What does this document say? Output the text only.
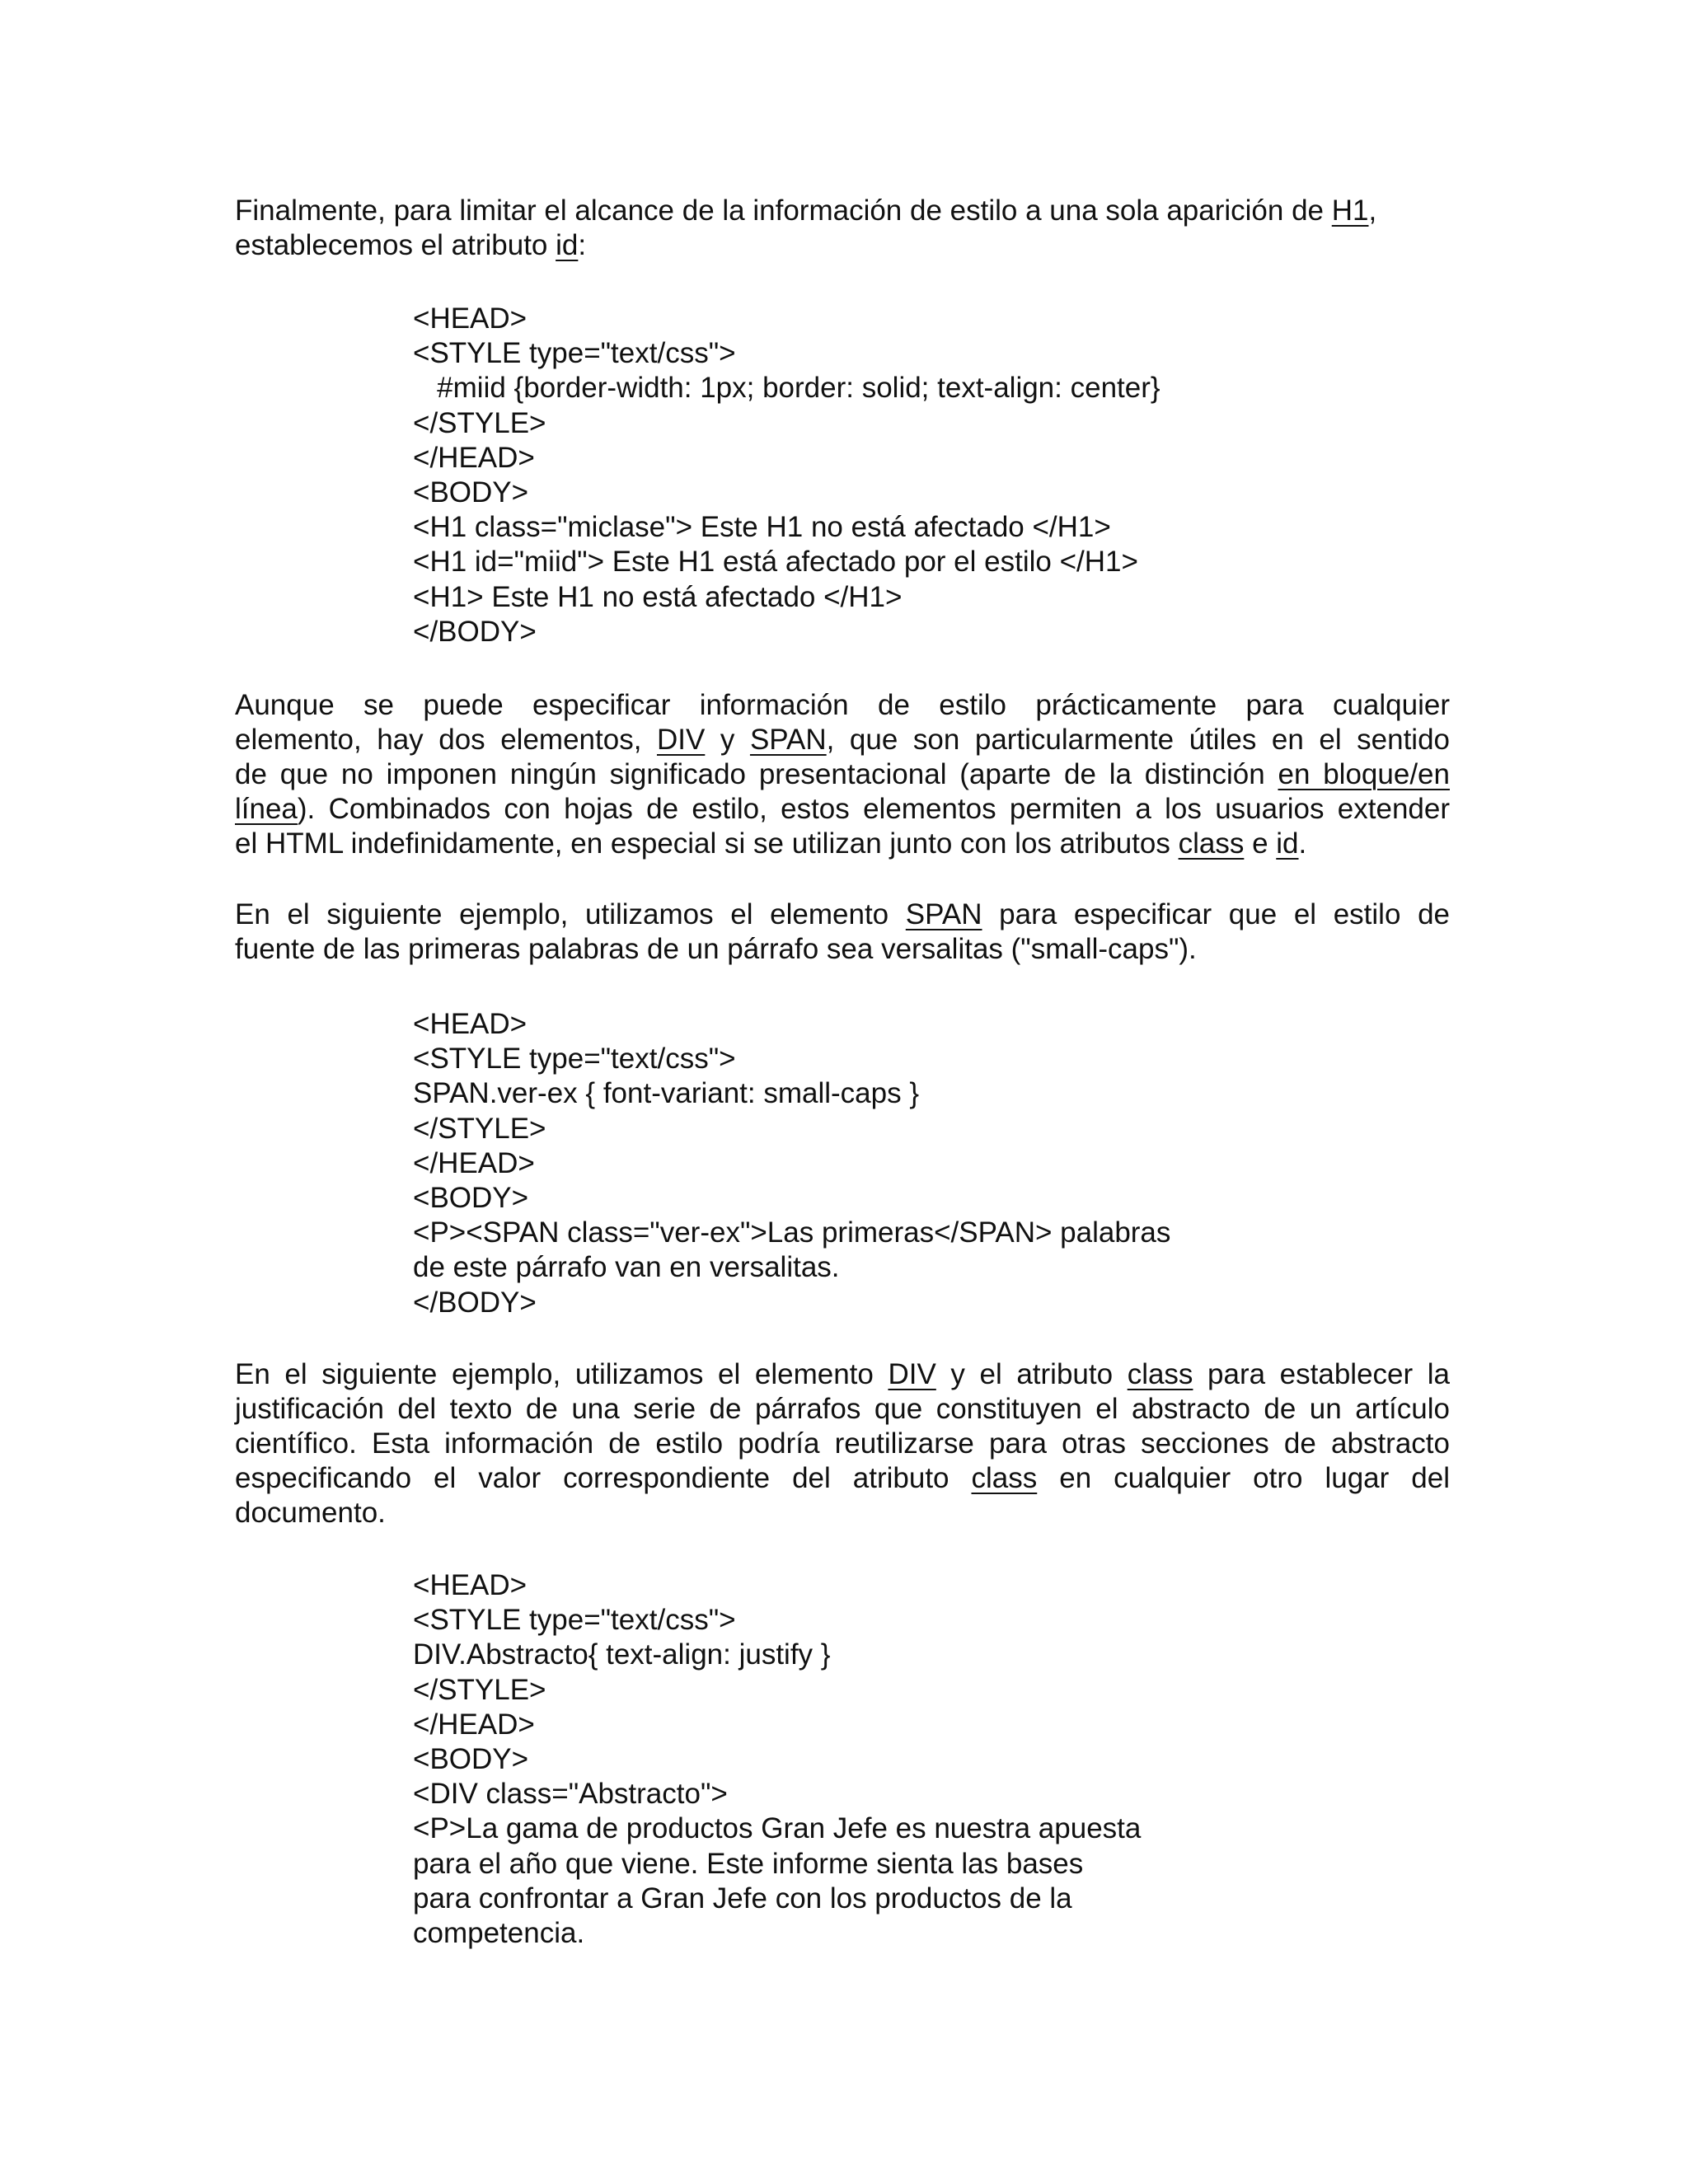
Finalmente, para limitar el alcance de la información de estilo a una sola aparición de H1,
establecemos el atributo id:
<HEAD>
<STYLE type="text/css">
#miid {border-width: 1px; border: solid; text-align: center}
</STYLE>
</HEAD>
<BODY>
<H1 class="miclase"> Este H1 no está afectado </H1>
<H1 id="miid"> Este H1 está afectado por el estilo </H1>
<H1> Este H1 no está afectado </H1>
</BODY>
Aunque se puede especificar información de estilo prácticamente para cualquier
elemento, hay dos elementos, DIV y SPAN, que son particularmente útiles en el sentido
de que no imponen ningún significado presentacional (aparte de la distinción en bloque/en
línea). Combinados con hojas de estilo, estos elementos permiten a los usuarios extender
el HTML indefinidamente, en especial si se utilizan junto con los atributos class e id.
En el siguiente ejemplo, utilizamos el elemento SPAN para especificar que el estilo de
fuente de las primeras palabras de un párrafo sea versalitas ("small-caps").
<HEAD>
<STYLE type="text/css">
SPAN.ver-ex { font-variant: small-caps }
</STYLE>
</HEAD>
<BODY>
<P><SPAN class="ver-ex">Las primeras</SPAN> palabras
de este párrafo van en versalitas.
</BODY>
En el siguiente ejemplo, utilizamos el elemento DIV y el atributo class para establecer la
justificación del texto de una serie de párrafos que constituyen el abstracto de un artículo
científico. Esta información de estilo podría reutilizarse para otras secciones de abstracto
especificando el valor correspondiente del atributo class en cualquier otro lugar del
documento.
<HEAD>
<STYLE type="text/css">
DIV.Abstracto{ text-align: justify }
</STYLE>
</HEAD>
<BODY>
<DIV class="Abstracto">
<P>La gama de productos Gran Jefe es nuestra apuesta
para el año que viene. Este informe sienta las bases
para confrontar a Gran Jefe con los productos de la
competencia.
